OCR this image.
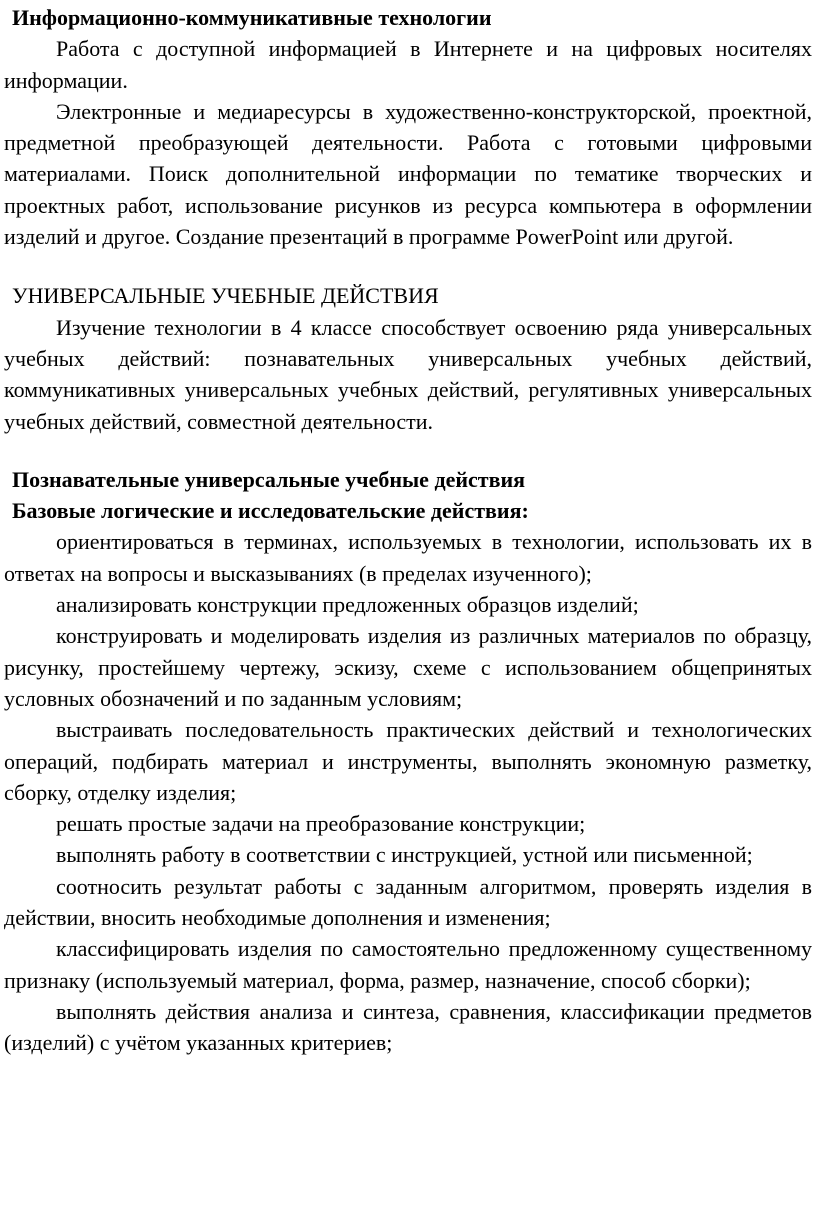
Информационно-коммуникативные технологии

Работа с доступной информацией в Интернете и на цифровых носителях информации.

Электронные и медиаресурсы в художественно-конструкторской, проектной, предметной преобразующей деятельности. Работа с готовыми цифровыми материалами. Поиск дополнительной информации по тематике творческих и проектных работ, использование рисунков из ресурса компьютера в оформлении изделий и другое. Создание презентаций в программе PowerPoint или другой.

УНИВЕРСАЛЬНЫЕ УЧЕБНЫЕ ДЕЙСТВИЯ

Изучение технологии в 4 классе способствует освоению ряда универсальных учебных действий: познавательных универсальных учебных действий, коммуникативных универсальных учебных действий, регулятивных универсальных учебных действий, совместной деятельности.

Познавательные универсальные учебные действия

Базовые логические и исследовательские действия:

ориентироваться в терминах, используемых в технологии, использовать их в ответах на вопросы и высказываниях (в пределах изученного);

анализировать конструкции предложенных образцов изделий;

конструировать и моделировать изделия из различных материалов по образцу, рисунку, простейшему чертежу, эскизу, схеме с использованием общепринятых условных обозначений и по заданным условиям;

выстраивать последовательность практических действий и технологических операций, подбирать материал и инструменты, выполнять экономную разметку, сборку, отделку изделия;

решать простые задачи на преобразование конструкции;

выполнять работу в соответствии с инструкцией, устной или письменной;

соотносить результат работы с заданным алгоритмом, проверять изделия в действии, вносить необходимые дополнения и изменения;

классифицировать изделия по самостоятельно предложенному существенному признаку (используемый материал, форма, размер, назначение, способ сборки);

выполнять действия анализа и синтеза, сравнения, классификации предметов (изделий) с учётом указанных критериев;
